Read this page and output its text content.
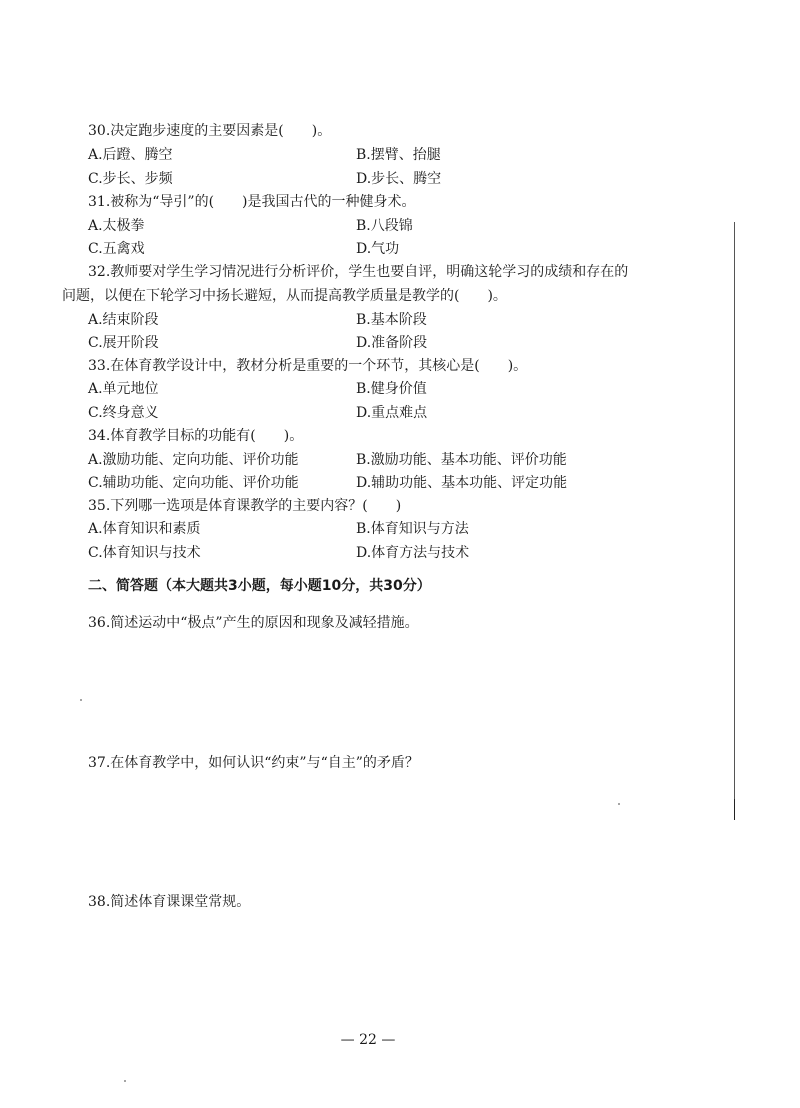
30.决定跑步速度的主要因素是(　　)。
A.后蹬、腾空	B.摆臂、抬腿
C.步长、步频	D.步长、腾空
31.被称为“导引”的(　　)是我国古代的一种健身术。
A.太极拳	B.八段锦
C.五禽戏	D.气功
32.教师要对学生学习情况进行分析评价，学生也要自评，明确这轮学习的成绩和存在的
问题，以便在下轮学习中扬长避短，从而提高教学质量是教学的(　　)。
A.结束阶段	B.基本阶段
C.展开阶段	D.准备阶段
33.在体育教学设计中，教材分析是重要的一个环节，其核心是(　　)。
A.单元地位	B.健身价值
C.终身意义	D.重点难点
34.体育教学目标的功能有(　　)。
A.激励功能、定向功能、评价功能	B.激励功能、基本功能、评价功能
C.辅助功能、定向功能、评价功能	D.辅助功能、基本功能、评定功能
35.下列哪一选项是体育课教学的主要内容？(　　)
A.体育知识和素质	B.体育知识与方法
C.体育知识与技术	D.体育方法与技术
二、简答题（本大题共3小题，每小题10分，共30分）
36.简述运动中“极点”产生的原因和现象及减轻措施。
37.在体育教学中，如何认识“约束”与“自主”的矛盾？
38.简述体育课课堂常规。
— 22 —
